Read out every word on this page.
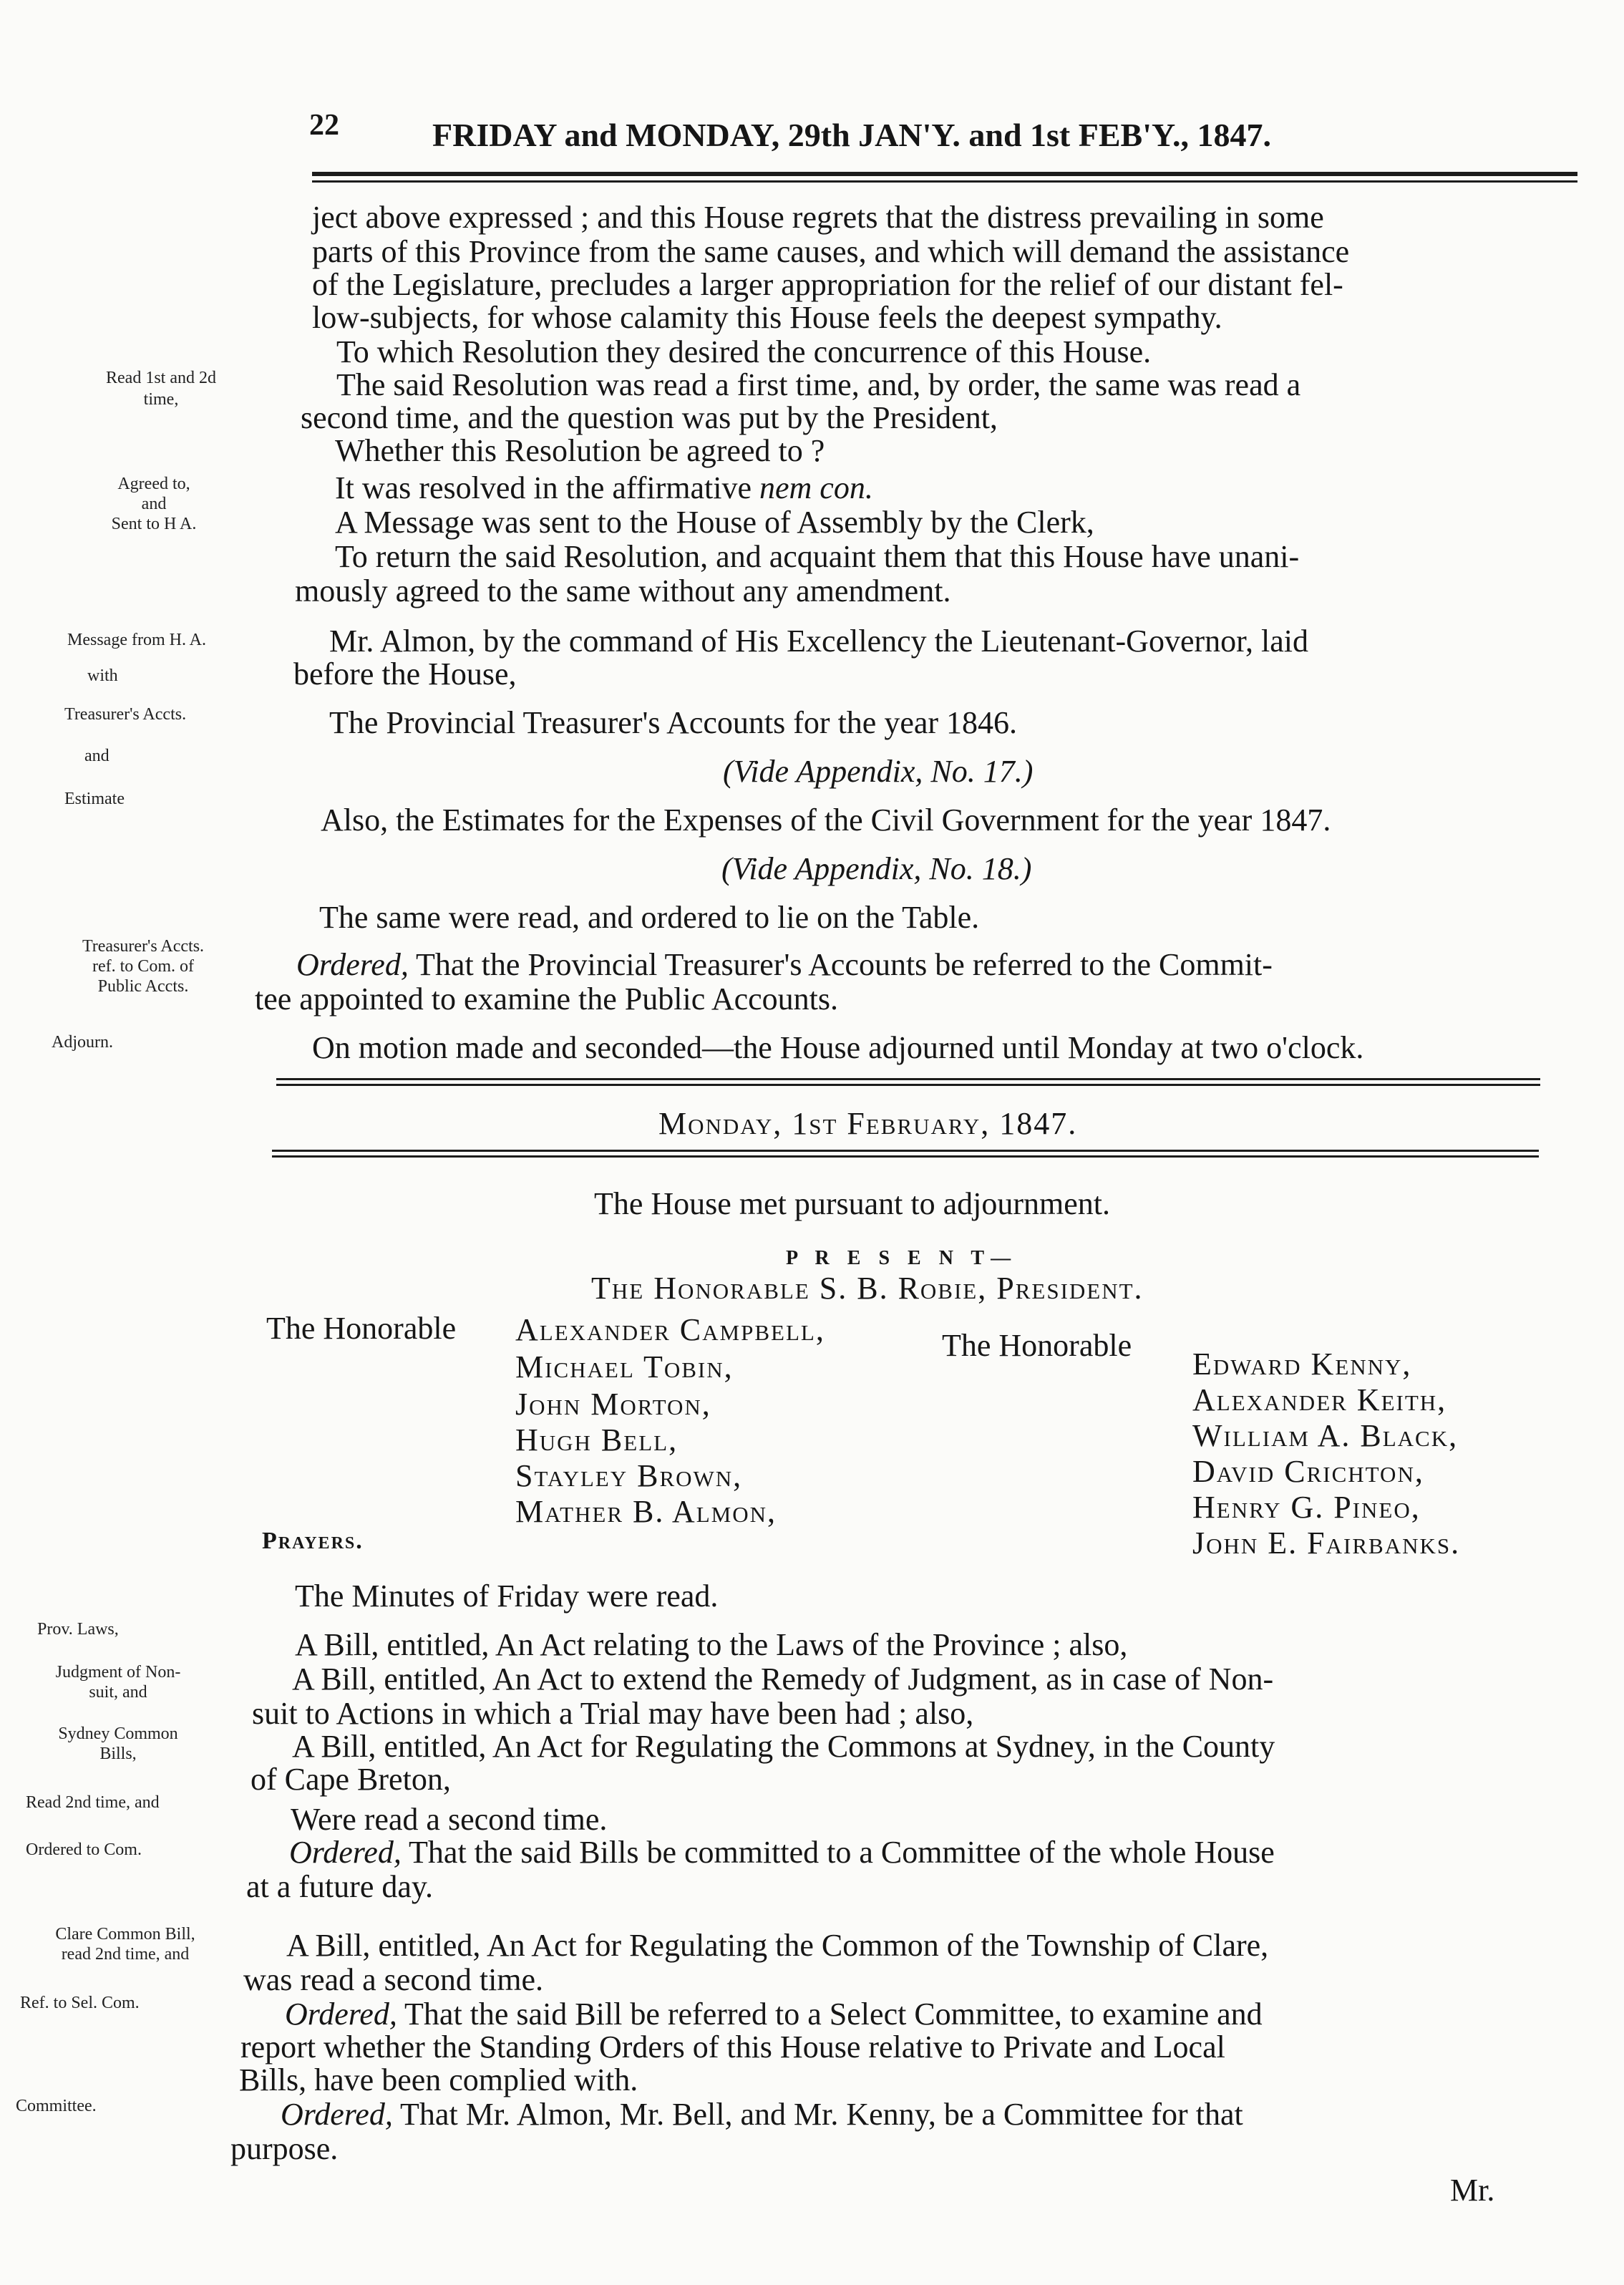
22	FRIDAY and MONDAY, 29th JAN'Y. and 1st FEB'Y., 1847.
ject above expressed ; and this House regrets that the distress prevailing in some
parts of this Province from the same causes, and which will demand the assistance
of the Legislature, precludes a larger appropriation for the relief of our distant fel-
low-subjects, for whose calamity this House feels the deepest sympathy.
To which Resolution they desired the concurrence of this House.
The said Resolution was read a first time, and, by order, the same was read a
second time, and the question was put by the President,
Whether this Resolution be agreed to ?
It was resolved in the affirmative nem con.
A Message was sent to the House of Assembly by the Clerk,
To return the said Resolution, and acquaint them that this House have unani-
mously agreed to the same without any amendment.
Mr. Almon, by the command of His Excellency the Lieutenant-Governor, laid
before the House,
The Provincial Treasurer's Accounts for the year 1846.
(Vide Appendix, No. 17.)
Also, the Estimates for the Expenses of the Civil Government for the year 1847.
(Vide Appendix, No. 18.)
The same were read, and ordered to lie on the Table.
Ordered, That the Provincial Treasurer's Accounts be referred to the Commit-
tee appointed to examine the Public Accounts.
On motion made and seconded—the House adjourned until Monday at two o'clock.
Monday, 1st February, 1847.
The House met pursuant to adjournment.
P R E S E N T—
The Honorable S. B. Robie, President.
The Honorable	The Honorable
Alexander Campbell,
Michael Tobin,
John Morton,
Hugh Bell,
Stayley Brown,
Mather B. Almon,
Edward Kenny,
Alexander Keith,
William A. Black,
David Crichton,
Henry G. Pineo,
John E. Fairbanks.
Prayers.
The Minutes of Friday were read.
A Bill, entitled, An Act relating to the Laws of the Province ; also,
A Bill, entitled, An Act to extend the Remedy of Judgment, as in case of Non-
suit to Actions in which a Trial may have been had ; also,
A Bill, entitled, An Act for Regulating the Commons at Sydney, in the County
of Cape Breton,
Were read a second time.
Ordered, That the said Bills be committed to a Committee of the whole House
at a future day.
A Bill, entitled, An Act for Regulating the Common of the Township of Clare,
was read a second time.
Ordered, That the said Bill be referred to a Select Committee, to examine and
report whether the Standing Orders of this House relative to Private and Local
Bills, have been complied with.
Ordered, That Mr. Almon, Mr. Bell, and Mr. Kenny, be a Committee for that
purpose.
Mr.
Read 1st and 2d
time,
Agreed to,
and
Sent to H A.
Message from H. A.
with
Treasurer's Accts.
and
Estimate
Treasurer's Accts.
ref. to Com. of
Public Accts.
Adjourn.
Prov. Laws,
Judgment of Non-
suit, and
Sydney Common
Bills,
Read 2nd time, and
Ordered to Com.
Clare Common Bill,
read 2nd time, and
Ref. to Sel. Com.
Committee.
